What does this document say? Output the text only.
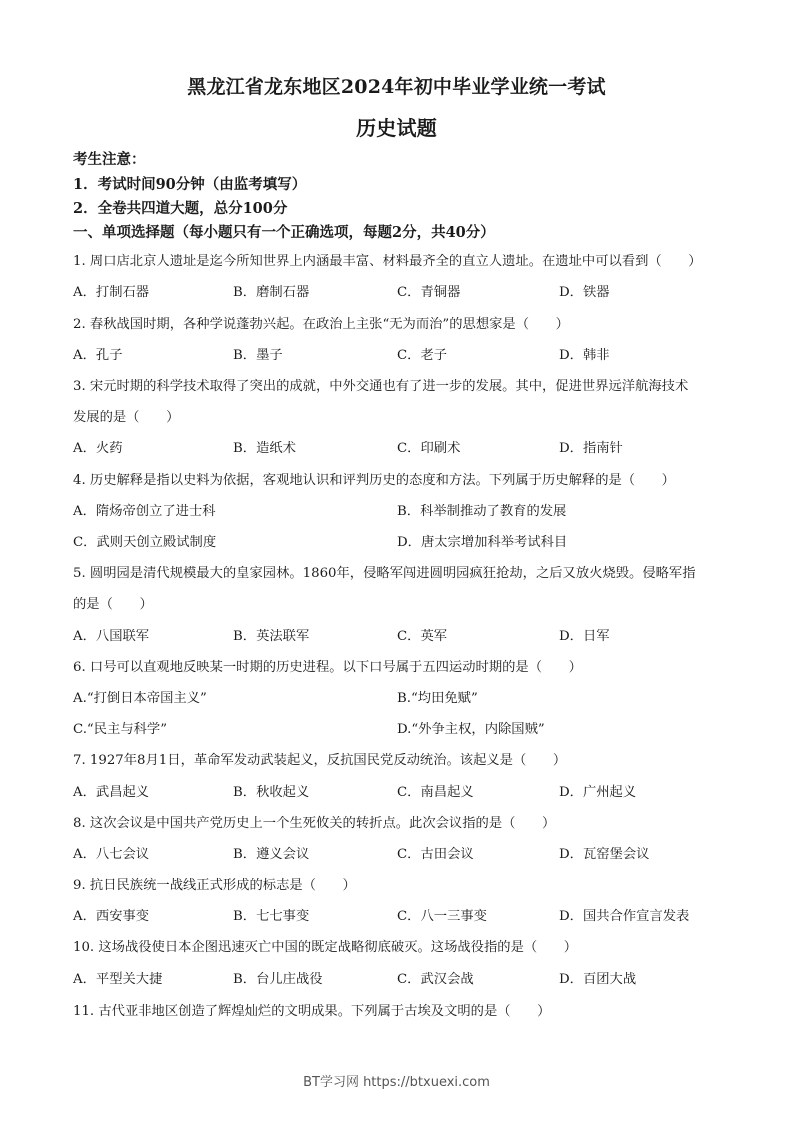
黑龙江省龙东地区2024年初中毕业学业统一考试
历史试题
考生注意：
1．考试时间90分钟（由监考填写）
2．全卷共四道大题，总分100分
一、单项选择题（每小题只有一个正确选项，每题2分，共40分）
1. 周口店北京人遗址是迄今所知世界上内涵最丰富、材料最齐全的直立人遗址。在遗址中可以看到（　　）
A．打制石器	B．磨制石器	C．青铜器	D．铁器
2. 春秋战国时期，各种学说蓬勃兴起。在政治上主张“无为而治”的思想家是（　　）
A．孔子	B．墨子	C．老子	D．韩非
3. 宋元时期的科学技术取得了突出的成就，中外交通也有了进一步的发展。其中，促进世界远洋航海技术
发展的是（　　）
A．火药	B．造纸术	C．印刷术	D．指南针
4. 历史解释是指以史料为依据，客观地认识和评判历史的态度和方法。下列属于历史解释的是（　　）
A．隋炀帝创立了进士科	B．科举制推动了教育的发展
C．武则天创立殿试制度	D．唐太宗增加科举考试科目
5. 圆明园是清代规模最大的皇家园林。1860年，侵略军闯进圆明园疯狂抢劫，之后又放火烧毁。侵略军指
的是（　　）
A．八国联军	B．英法联军	C．英军	D．日军
6. 口号可以直观地反映某一时期的历史进程。以下口号属于五四运动时期的是（　　）
A.“打倒日本帝国主义”	B.“均田免赋”
C.“民主与科学”	D.“外争主权，内除国贼”
7. 1927年8月1日，革命军发动武装起义，反抗国民党反动统治。该起义是（　　）
A．武昌起义	B．秋收起义	C．南昌起义	D．广州起义
8. 这次会议是中国共产党历史上一个生死攸关的转折点。此次会议指的是（　　）
A．八七会议	B．遵义会议	C．古田会议	D．瓦窑堡会议
9. 抗日民族统一战线正式形成的标志是（　　）
A．西安事变	B．七七事变	C．八一三事变	D．国共合作宣言发表
10. 这场战役使日本企图迅速灭亡中国的既定战略彻底破灭。这场战役指的是（　　）
A．平型关大捷	B．台儿庄战役	C．武汉会战	D．百团大战
11. 古代亚非地区创造了辉煌灿烂的文明成果。下列属于古埃及文明的是（　　）
BT学习网 https://btxuexi.com
